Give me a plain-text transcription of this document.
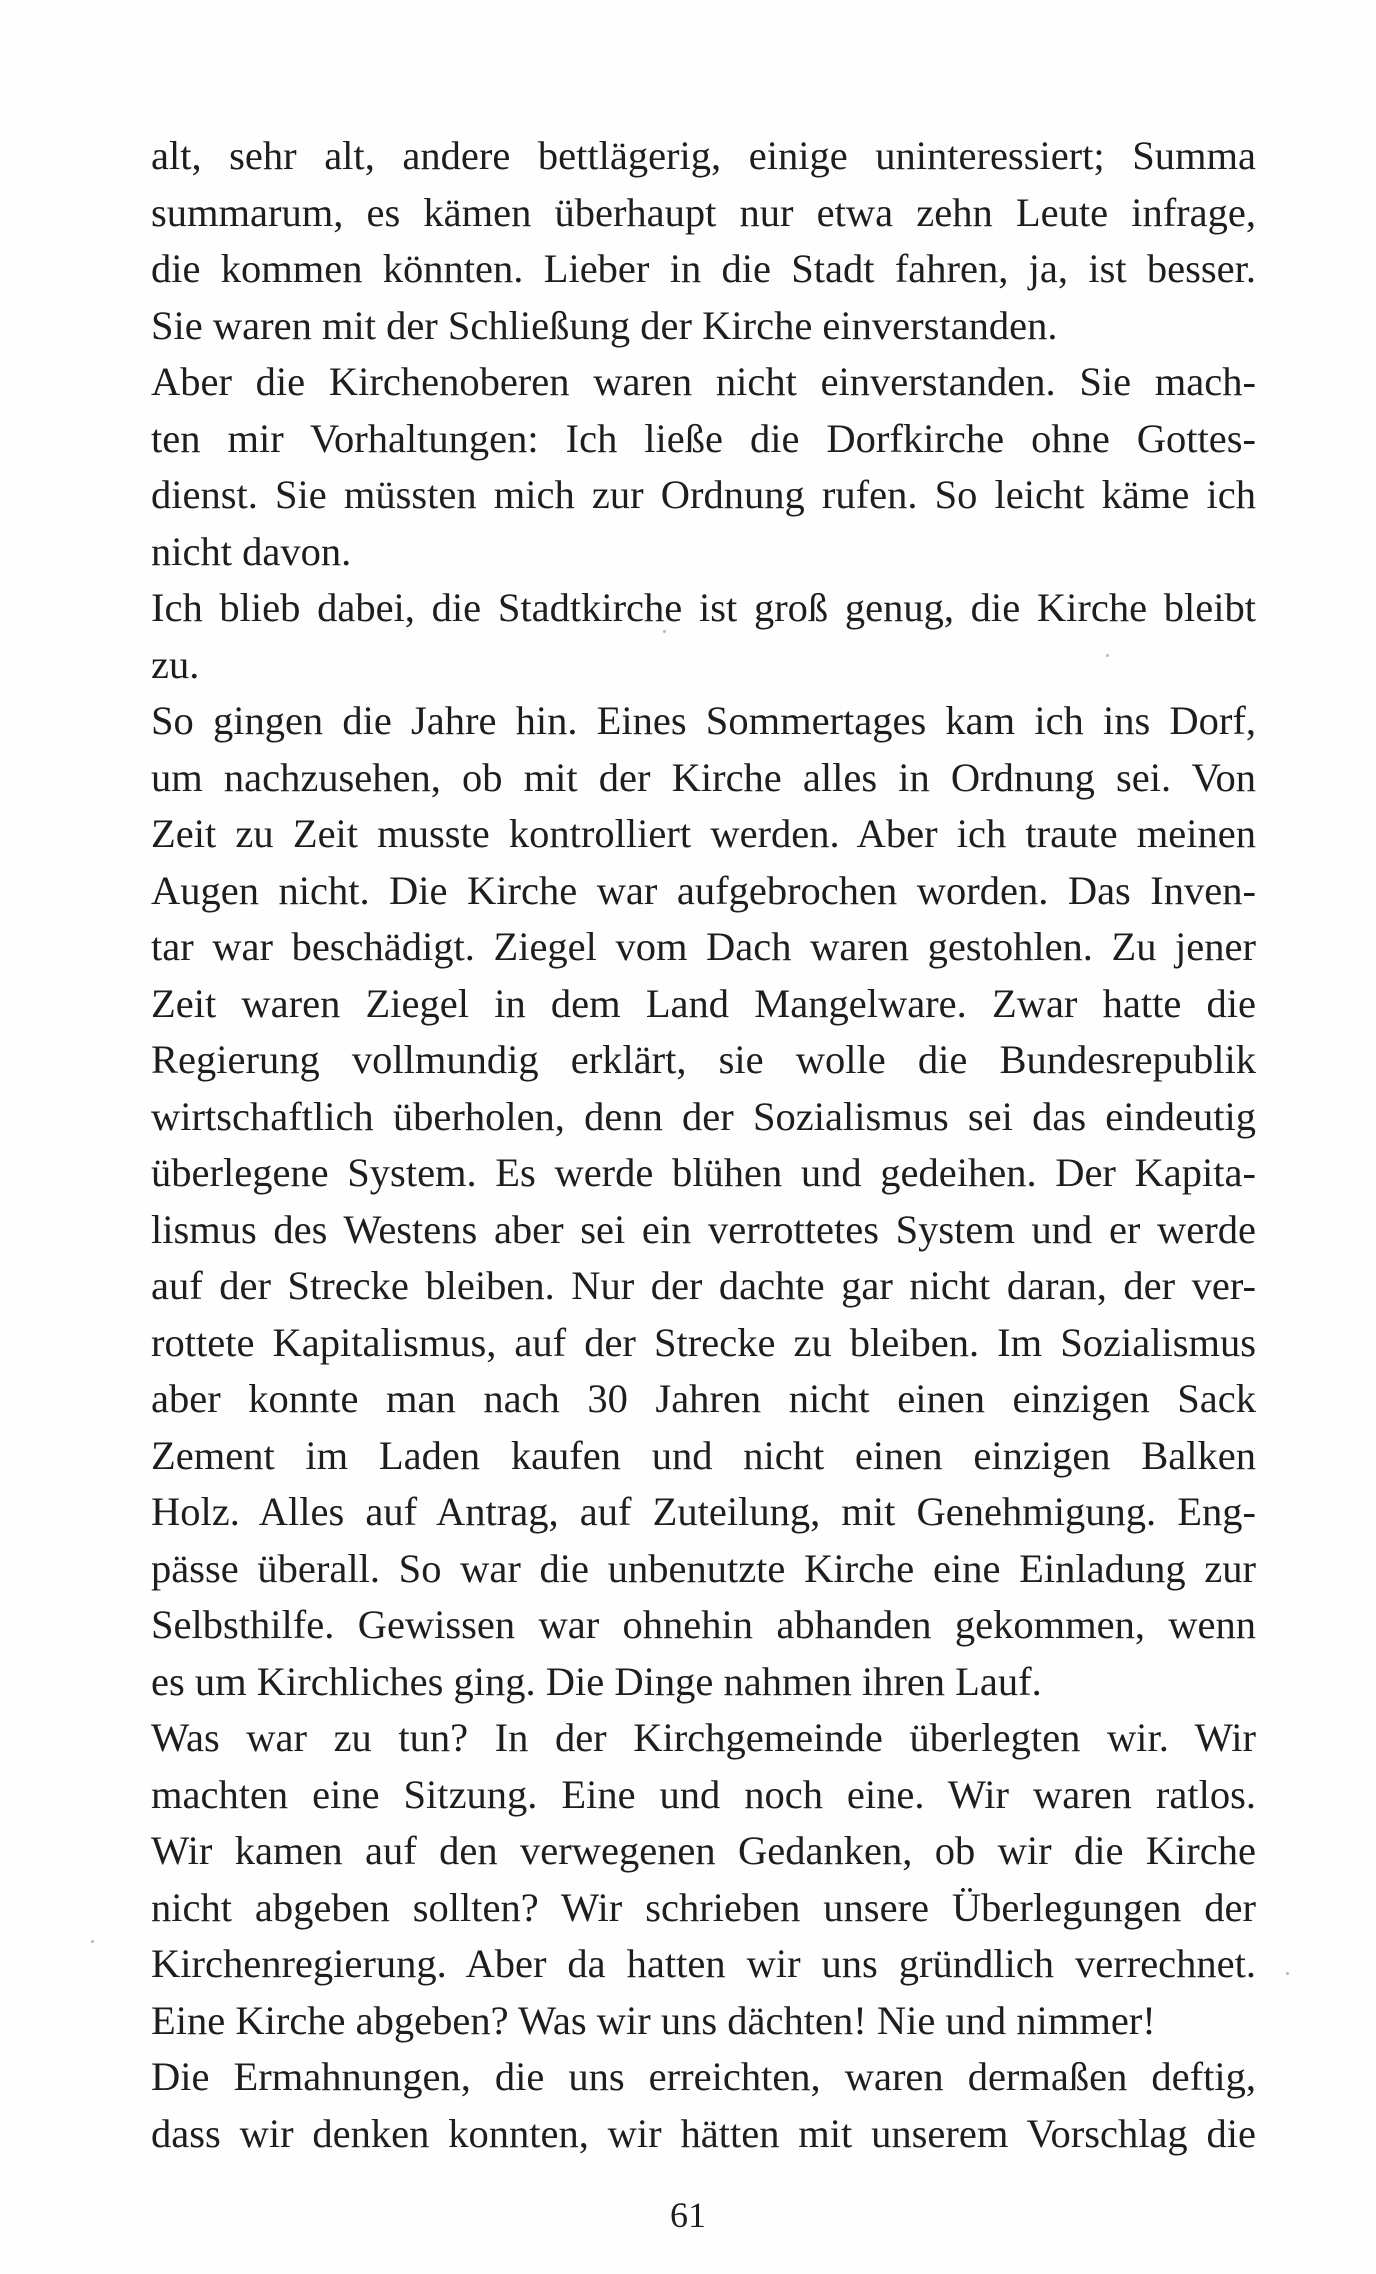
alt, sehr alt, andere bettlägerig, einige uninteressiert; Summa
summarum, es kämen überhaupt nur etwa zehn Leute infrage,
die kommen könnten. Lieber in die Stadt fahren, ja, ist besser.
Sie waren mit der Schließung der Kirche einverstanden.
Aber die Kirchenoberen waren nicht einverstanden. Sie mach-
ten mir Vorhaltungen: Ich ließe die Dorfkirche ohne Gottes-
dienst. Sie müssten mich zur Ordnung rufen. So leicht käme ich
nicht davon.
Ich blieb dabei, die Stadtkirche ist groß genug, die Kirche bleibt
zu.
So gingen die Jahre hin. Eines Sommertages kam ich ins Dorf,
um nachzusehen, ob mit der Kirche alles in Ordnung sei. Von
Zeit zu Zeit musste kontrolliert werden. Aber ich traute meinen
Augen nicht. Die Kirche war aufgebrochen worden. Das Inven-
tar war beschädigt. Ziegel vom Dach waren gestohlen. Zu jener
Zeit waren Ziegel in dem Land Mangelware. Zwar hatte die
Regierung vollmundig erklärt, sie wolle die Bundesrepublik
wirtschaftlich überholen, denn der Sozialismus sei das eindeutig
überlegene System. Es werde blühen und gedeihen. Der Kapita-
lismus des Westens aber sei ein verrottetes System und er werde
auf der Strecke bleiben. Nur der dachte gar nicht daran, der ver-
rottete Kapitalismus, auf der Strecke zu bleiben. Im Sozialismus
aber konnte man nach 30 Jahren nicht einen einzigen Sack
Zement im Laden kaufen und nicht einen einzigen Balken
Holz. Alles auf Antrag, auf Zuteilung, mit Genehmigung. Eng-
pässe überall. So war die unbenutzte Kirche eine Einladung zur
Selbsthilfe. Gewissen war ohnehin abhanden gekommen, wenn
es um Kirchliches ging. Die Dinge nahmen ihren Lauf.
Was war zu tun? In der Kirchgemeinde überlegten wir. Wir
machten eine Sitzung. Eine und noch eine. Wir waren ratlos.
Wir kamen auf den verwegenen Gedanken, ob wir die Kirche
nicht abgeben sollten? Wir schrieben unsere Überlegungen der
Kirchenregierung. Aber da hatten wir uns gründlich verrechnet.
Eine Kirche abgeben? Was wir uns dächten! Nie und nimmer!
Die Ermahnungen, die uns erreichten, waren dermaßen deftig,
dass wir denken konnten, wir hätten mit unserem Vorschlag die
61
